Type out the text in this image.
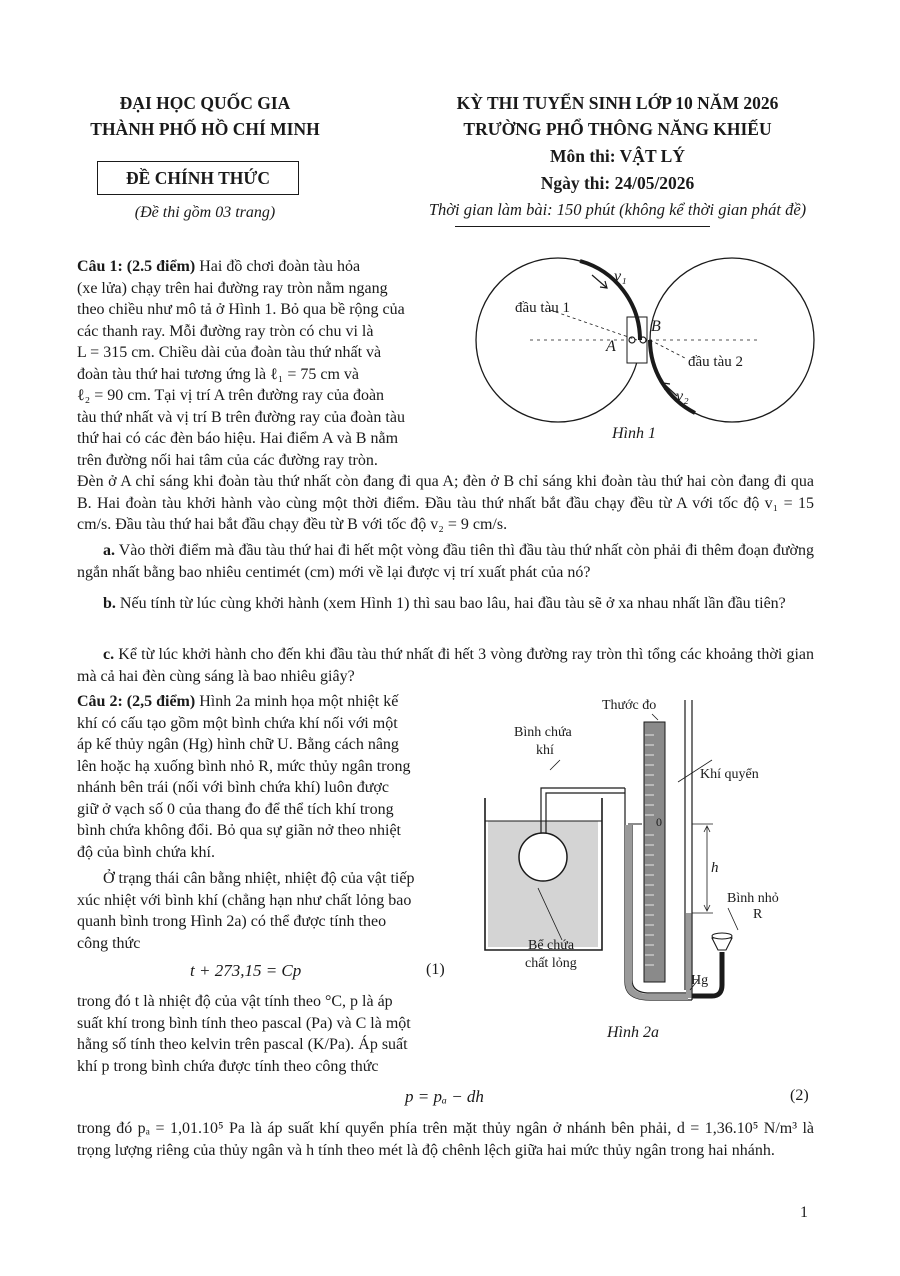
ĐẠI HỌC QUỐC GIA
THÀNH PHỐ HỒ CHÍ MINH
ĐỀ CHÍNH THỨC
(Đề thi gồm 03 trang)
KỲ THI TUYỂN SINH LỚP 10 NĂM 2026
TRƯỜNG PHỔ THÔNG NĂNG KHIẾU
Môn thi: VẬT LÝ
Ngày thi: 24/05/2026
Thời gian làm bài: 150 phút (không kể thời gian phát đề)
Câu 1: (2.5 điểm) Hai đồ chơi đoàn tàu hỏa
(xe lửa) chạy trên hai đường ray tròn nằm ngang
theo chiều như mô tả ở Hình 1. Bỏ qua bề rộng của
các thanh ray. Mỗi đường ray tròn có chu vi là
L = 315 cm. Chiều dài của đoàn tàu thứ nhất và
đoàn tàu thứ hai tương ứng là ℓ₁ = 75 cm và
ℓ₂ = 90 cm. Tại vị trí A trên đường ray của đoàn
tàu thứ nhất và vị trí B trên đường ray của đoàn tàu
thứ hai có các đèn báo hiệu. Hai điểm A và B nằm
trên đường nối hai tâm của các đường ray tròn.
đầu tàu 1
đầu tàu 2
A
B
v₁
v₂
Hình 1
Đèn ở A chỉ sáng khi đoàn tàu thứ nhất còn đang đi qua A; đèn ở B chỉ sáng khi đoàn tàu thứ hai còn đang đi qua B. Hai đoàn tàu khởi hành vào cùng một thời điểm. Đầu tàu thứ nhất bắt đầu chạy đều từ A với tốc độ v₁ = 15 cm/s. Đầu tàu thứ hai bắt đầu chạy đều từ B với tốc độ v₂ = 9 cm/s.
a. Vào thời điểm mà đầu tàu thứ hai đi hết một vòng đầu tiên thì đầu tàu thứ nhất còn phải đi thêm đoạn đường ngắn nhất bằng bao nhiêu centimét (cm) mới về lại được vị trí xuất phát của nó?
b. Nếu tính từ lúc cùng khởi hành (xem Hình 1) thì sau bao lâu, hai đầu tàu sẽ ở xa nhau nhất lần đầu tiên?
c. Kể từ lúc khởi hành cho đến khi đầu tàu thứ nhất đi hết 3 vòng đường ray tròn thì tổng các khoảng thời gian mà cả hai đèn cùng sáng là bao nhiêu giây?
Câu 2: (2,5 điểm) Hình 2a minh họa một nhiệt kế
khí có cấu tạo gồm một bình chứa khí nối với một
áp kế thủy ngân (Hg) hình chữ U. Bằng cách nâng
lên hoặc hạ xuống bình nhỏ R, mức thủy ngân trong
nhánh bên trái (nối với bình chứa khí) luôn được
giữ ở vạch số 0 của thang đo để thể tích khí trong
bình chứa không đổi. Bỏ qua sự giãn nở theo nhiệt
độ của bình chứa khí.
Ở trạng thái cân bằng nhiệt, nhiệt độ của vật tiếp
xúc nhiệt với bình khí (chẳng hạn như chất lỏng bao
quanh bình trong Hình 2a) có thể được tính theo
công thức
t + 273,15 = Cp	(1)
trong đó t là nhiệt độ của vật tính theo °C, p là áp
suất khí trong bình tính theo pascal (Pa) và C là một
hằng số tính theo kelvin trên pascal (K/Pa). Áp suất
khí p trong bình chứa được tính theo công thức
p = pₐ − dh	(2)
trong đó pₐ = 1,01.10⁵ Pa là áp suất khí quyển phía trên mặt thủy ngân ở nhánh bên phải, d = 1,36.10⁵ N/m³ là trọng lượng riêng của thủy ngân và h tính theo mét là độ chênh lệch giữa hai mức thủy ngân trong hai nhánh.
Thước đo
Bình chứa
khí
Khí quyển
0
h
Bình nhỏ
R
Bể chứa
chất lỏng
Hg
Hình 2a
1
